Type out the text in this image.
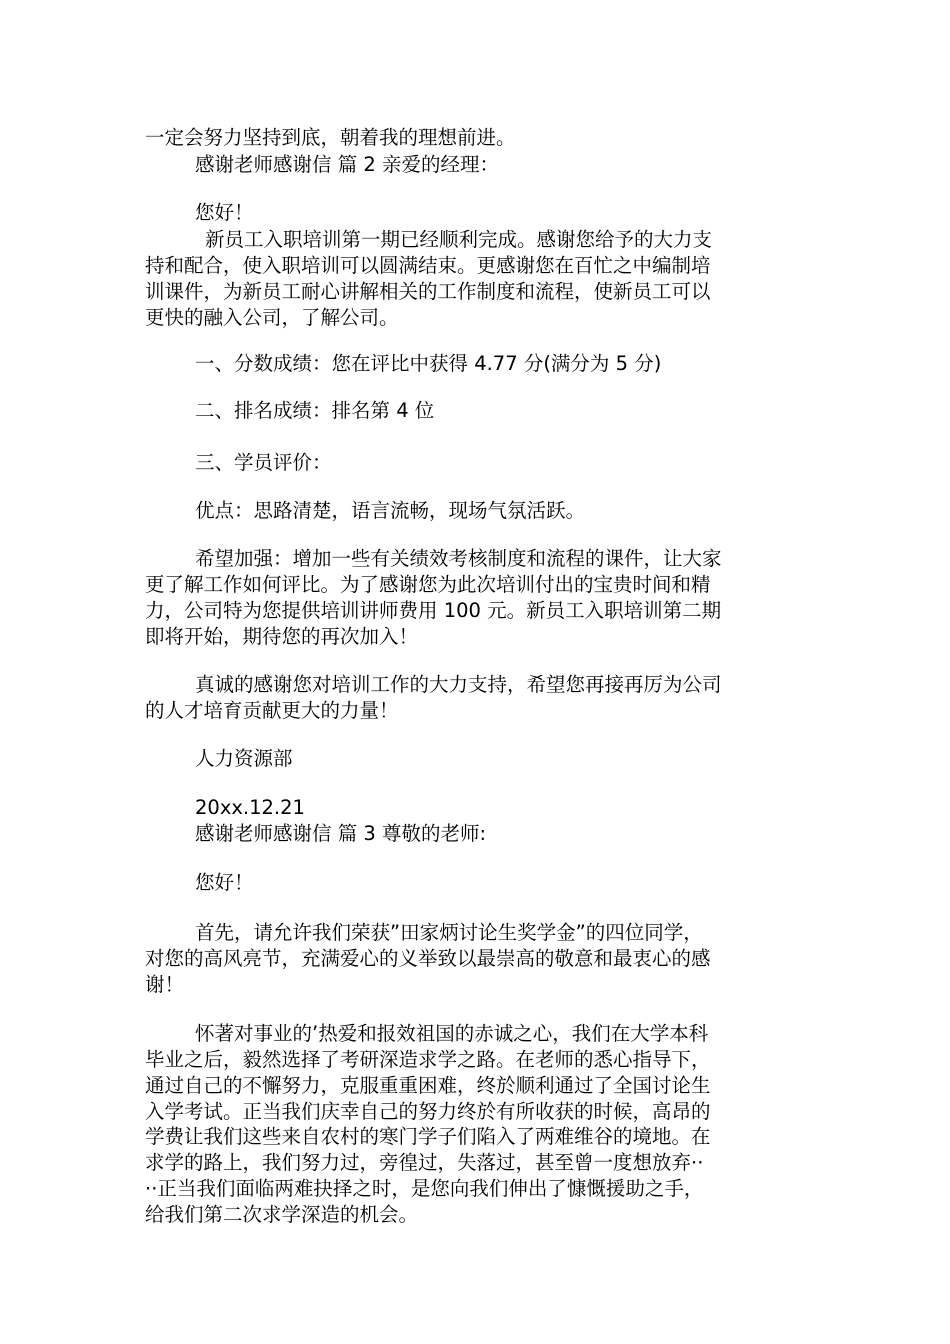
一定会努力坚持到底，朝着我的理想前进。
感谢老师感谢信 篇 2 亲爱的经理：
您好！
新员工入职培训第一期已经顺利完成。感谢您给予的大力支
持和配合，使入职培训可以圆满结束。更感谢您在百忙之中编制培
训课件，为新员工耐心讲解相关的工作制度和流程，使新员工可以
更快的融入公司，了解公司。
一、分数成绩：您在评比中获得 4.77 分(满分为 5 分)
二、排名成绩：排名第 4 位
三、学员评价：
优点：思路清楚，语言流畅，现场气氛活跃。
希望加强：增加一些有关绩效考核制度和流程的课件，让大家
更了解工作如何评比。为了感谢您为此次培训付出的宝贵时间和精
力，公司特为您提供培训讲师费用 100 元。新员工入职培训第二期
即将开始，期待您的再次加入！
真诚的感谢您对培训工作的大力支持，希望您再接再厉为公司
的人才培育贡献更大的力量！
人力资源部
20xx.12.21
感谢老师感谢信 篇 3 尊敬的老师:
您好！
首先，请允许我们荣获”田家炳讨论生奖学金”的四位同学，
对您的高风亮节，充满爱心的义举致以最崇高的敬意和最衷心的感
谢！
怀著对事业的’热爱和报效祖国的赤诚之心，我们在大学本科
毕业之后，毅然选择了考研深造求学之路。在老师的悉心指导下，
通过自己的不懈努力，克服重重困难，终於顺利通过了全国讨论生
入学考试。正当我们庆幸自己的努力终於有所收获的时候，高昂的
学费让我们这些来自农村的寒门学子们陷入了两难维谷的境地。在
求学的路上，我们努力过，旁徨过，失落过，甚至曾一度想放弃··
··正当我们面临两难抉择之时，是您向我们伸出了慷慨援助之手，
给我们第二次求学深造的机会。
